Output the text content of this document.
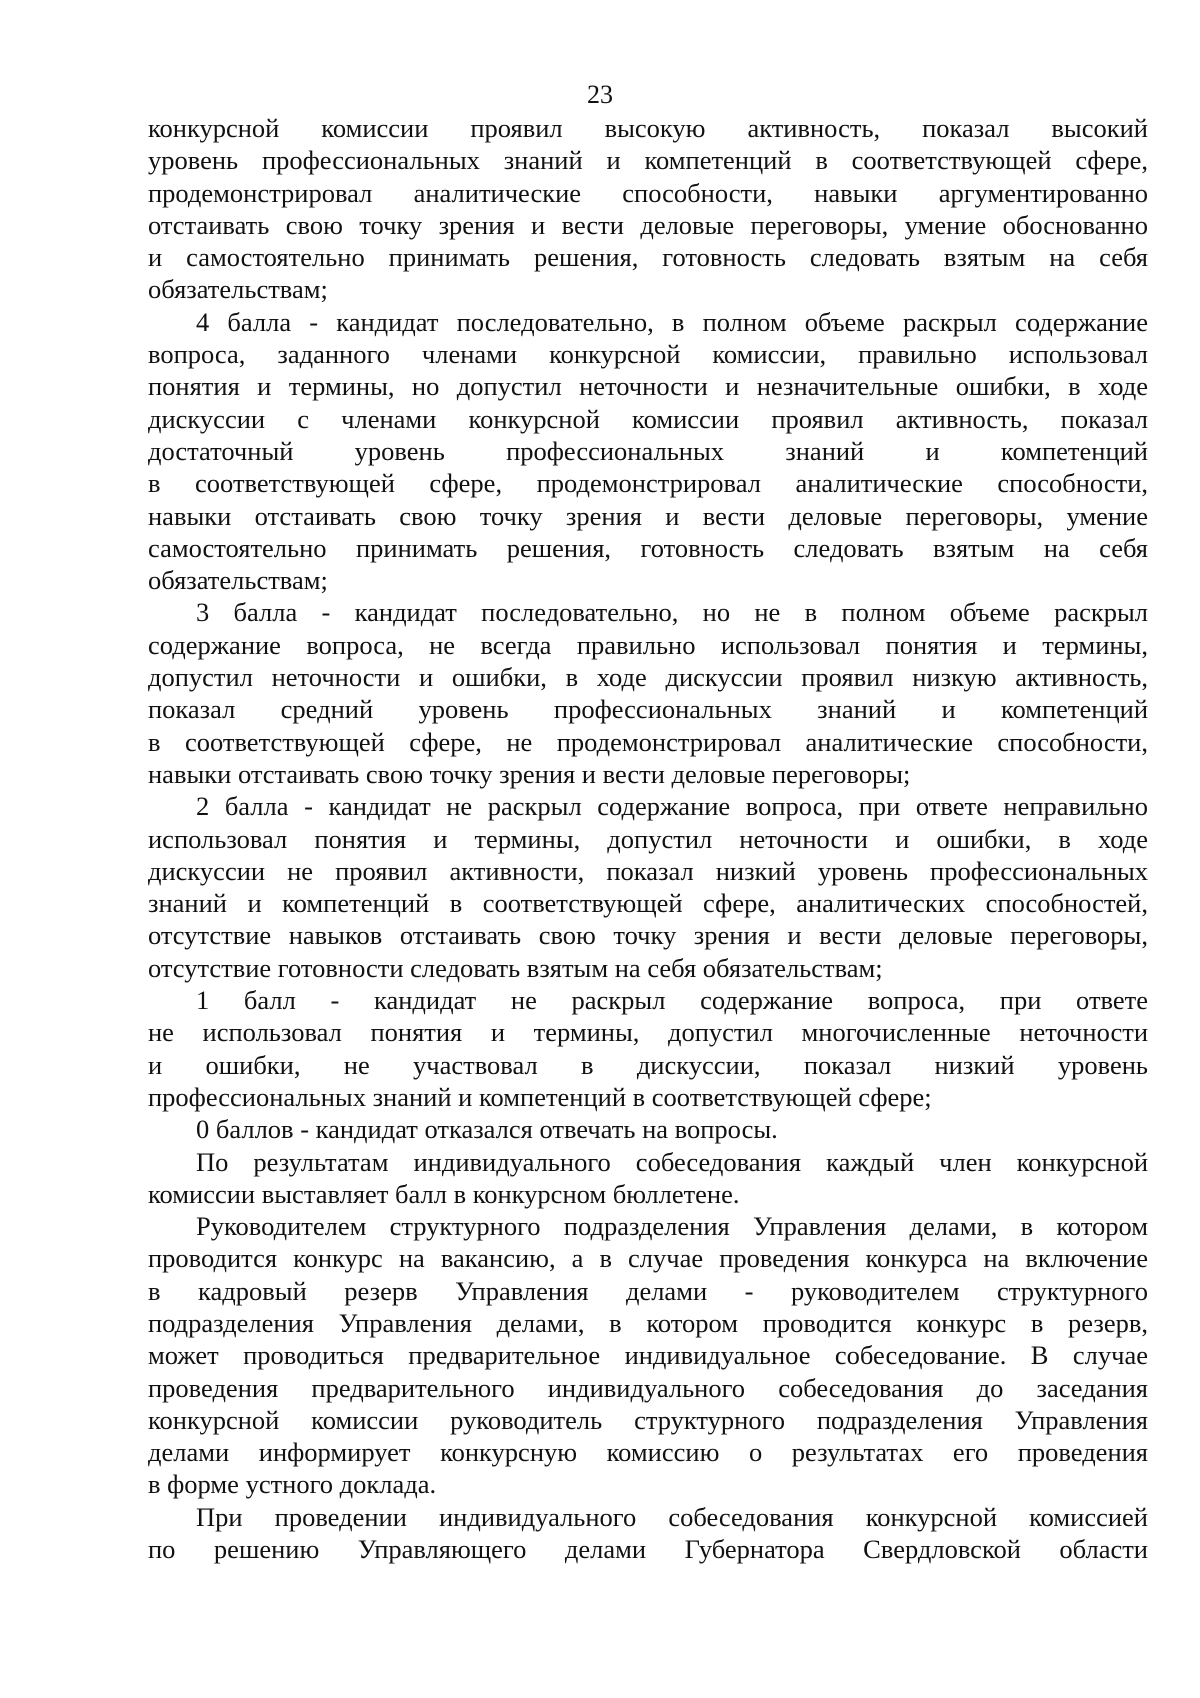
23
конкурсной комиссии проявил высокую активность, показал высокий
уровень профессиональных знаний и компетенций в соответствующей сфере,
продемонстрировал аналитические способности, навыки аргументированно
отстаивать свою точку зрения и вести деловые переговоры, умение обоснованно
и самостоятельно принимать решения, готовность следовать взятым на себя
обязательствам;
4 балла - кандидат последовательно, в полном объеме раскрыл содержание
вопроса, заданного членами конкурсной комиссии, правильно использовал
понятия и термины, но допустил неточности и незначительные ошибки, в ходе
дискуссии с членами конкурсной комиссии проявил активность, показал
достаточный уровень профессиональных знаний и компетенций
в соответствующей сфере, продемонстрировал аналитические способности,
навыки отстаивать свою точку зрения и вести деловые переговоры, умение
самостоятельно принимать решения, готовность следовать взятым на себя
обязательствам;
3 балла - кандидат последовательно, но не в полном объеме раскрыл
содержание вопроса, не всегда правильно использовал понятия и термины,
допустил неточности и ошибки, в ходе дискуссии проявил низкую активность,
показал средний уровень профессиональных знаний и компетенций
в соответствующей сфере, не продемонстрировал аналитические способности,
навыки отстаивать свою точку зрения и вести деловые переговоры;
2 балла - кандидат не раскрыл содержание вопроса, при ответе неправильно
использовал понятия и термины, допустил неточности и ошибки, в ходе
дискуссии не проявил активности, показал низкий уровень профессиональных
знаний и компетенций в соответствующей сфере, аналитических способностей,
отсутствие навыков отстаивать свою точку зрения и вести деловые переговоры,
отсутствие готовности следовать взятым на себя обязательствам;
1 балл - кандидат не раскрыл содержание вопроса, при ответе
не использовал понятия и термины, допустил многочисленные неточности
и ошибки, не участвовал в дискуссии, показал низкий уровень
профессиональных знаний и компетенций в соответствующей сфере;
0 баллов - кандидат отказался отвечать на вопросы.
По результатам индивидуального собеседования каждый член конкурсной
комиссии выставляет балл в конкурсном бюллетене.
Руководителем структурного подразделения Управления делами, в котором
проводится конкурс на вакансию, а в случае проведения конкурса на включение
в кадровый резерв Управления делами - руководителем структурного
подразделения Управления делами, в котором проводится конкурс в резерв,
может проводиться предварительное индивидуальное собеседование. В случае
проведения предварительного индивидуального собеседования до заседания
конкурсной комиссии руководитель структурного подразделения Управления
делами информирует конкурсную комиссию о результатах его проведения
в форме устного доклада.
При проведении индивидуального собеседования конкурсной комиссией
по решению Управляющего делами Губернатора Свердловской области
